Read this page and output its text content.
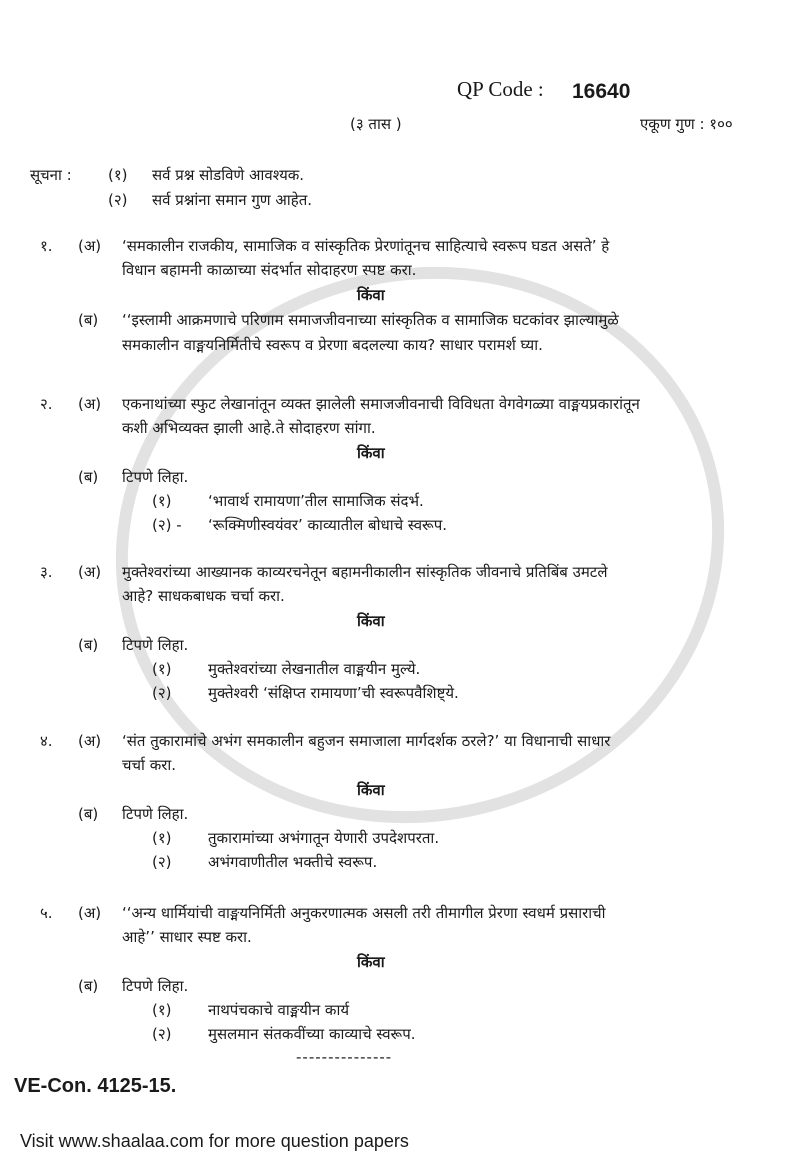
QP Code : 16640
(३ तास )	एकूण गुण : १००
सूचना : (१) सर्व प्रश्न सोडविणे आवश्यक.
(२) सर्व प्रश्नांना समान गुण आहेत.
१. (अ) ‘समकालीन राजकीय, सामाजिक व सांस्कृतिक प्रेरणांतूनच साहित्याचे स्वरूप घडत असते’ हे
विधान बहामनी काळाच्या संदर्भात सोदाहरण स्पष्ट करा.
किंवा
(ब) ‘‘इस्लामी आक्रमणाचे परिणाम समाजजीवनाच्या सांस्कृतिक व सामाजिक घटकांवर झाल्यामुळे
समकालीन वाङ्मयनिर्मितीचे स्वरूप व प्रेरणा बदलल्या काय? साधार परामर्श घ्या.
२. (अ) एकनाथांच्या स्फुट लेखानांतून व्यक्त झालेली समाजजीवनाची विविधता वेगवेगळ्या वाङ्मयप्रकारांतून
कशी अभिव्यक्त झाली आहे.ते सोदाहरण सांगा.
किंवा
(ब) टिपणे लिहा.
(१) ‘भावार्थ रामायणा’तील सामाजिक संदर्भ.
(२) - ‘रूक्मिणीस्वयंवर’ काव्यातील बोधाचे स्वरूप.
३. (अ) मुक्तेश्वरांच्या आख्यानक काव्यरचनेतून बहामनीकालीन सांस्कृतिक जीवनाचे प्रतिबिंब उमटले
आहे? साधकबाधक चर्चा करा.
किंवा
(ब) टिपणे लिहा.
(१) मुक्तेश्वरांच्या लेखनातील वाङ्मयीन मुल्ये.
(२) मुक्तेश्वरी ‘संक्षिप्त रामायणा’ची स्वरूपवैशिष्ट्ये.
४. (अ) ‘संत तुकारामांचे अभंग समकालीन बहुजन समाजाला मार्गदर्शक ठरले?’ या विधानाची साधार
चर्चा करा.
किंवा
(ब) टिपणे लिहा.
(१) तुकारामांच्या अभंगातून येणारी उपदेशपरता.
(२) अभंगवाणीतील भक्तीचे स्वरूप.
५. (अ) ‘‘अन्य धार्मियांची वाङ्मयनिर्मिती अनुकरणात्मक असली तरी तीमागील प्रेरणा स्वधर्म प्रसाराची
आहे’’ साधार स्पष्ट करा.
किंवा
(ब) टिपणे लिहा.
(१) नाथपंचकाचे वाङ्मयीन कार्य
(२) मुसलमान संतकवींच्या काव्याचे स्वरूप.
---------------
VE-Con. 4125-15.
Visit www.shaalaa.com for more question papers
